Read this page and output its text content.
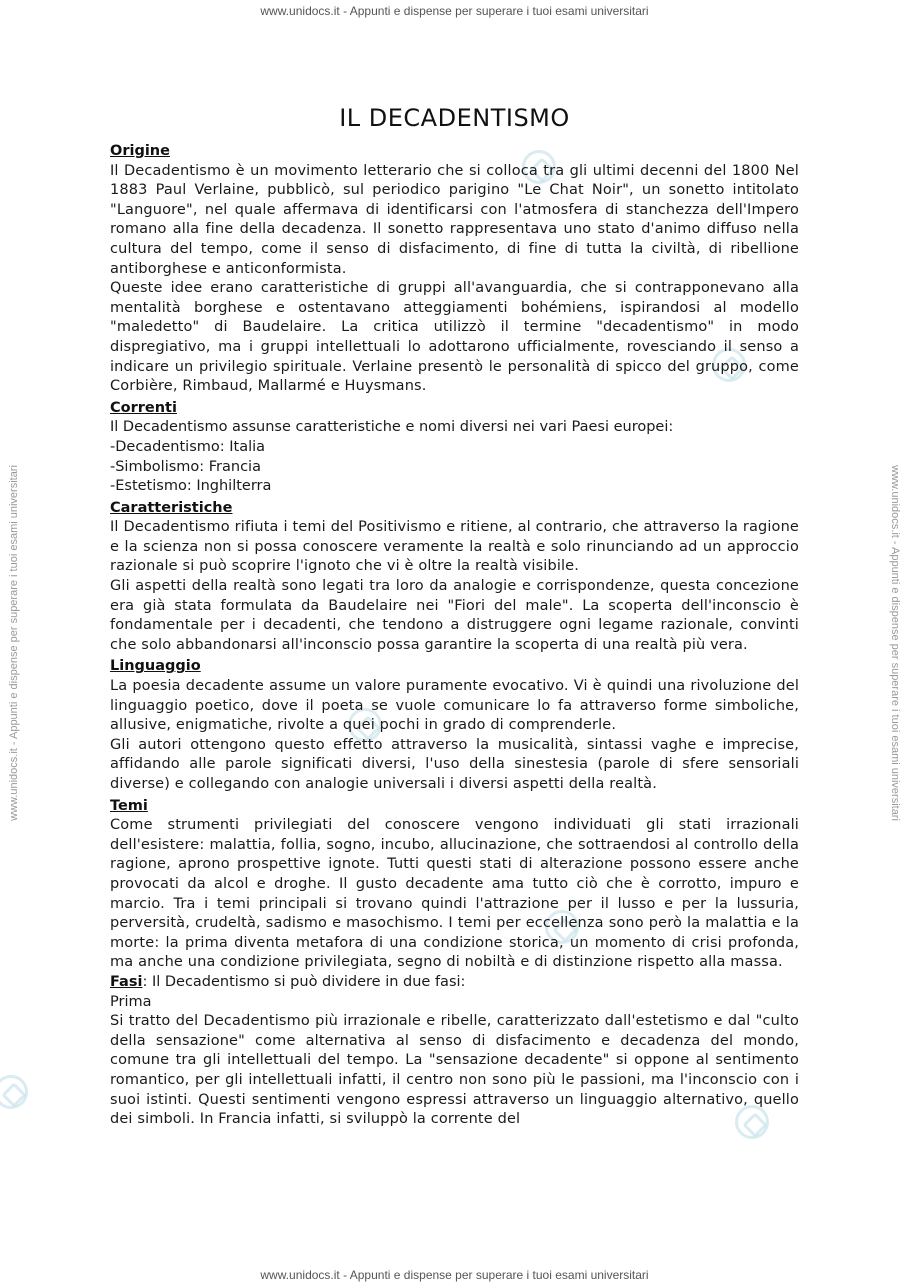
www.unidocs.it - Appunti e dispense per superare i tuoi esami universitari
www.unidocs.it - Appunti e dispense per superare i tuoi esami universitari
www.unidocs.it - Appunti e dispense per superare i tuoi esami universitari	www.unidocs.it - Appunti e dispense per superare i tuoi esami universitari
IL DECADENTISMO
Origine

Il Decadentismo è un movimento letterario che si colloca tra gli ultimi decenni del 1800 Nel 1883 Paul Verlaine, pubblicò, sul periodico parigino "Le Chat Noir", un sonetto intitolato "Languore", nel quale affermava di identificarsi con l'atmosfera di stanchezza dell'Impero romano alla fine della decadenza. Il sonetto rappresentava uno stato d'animo diffuso nella cultura del tempo, come il senso di disfacimento, di fine di tutta la civiltà, di ribellione antiborghese e anticonformista.

Queste idee erano caratteristiche di gruppi all'avanguardia, che si contrapponevano alla mentalità borghese e ostentavano atteggiamenti bohémiens, ispirandosi al modello "maledetto" di Baudelaire. La critica utilizzò il termine "decadentismo" in modo dispregiativo, ma i gruppi intellettuali lo adottarono ufficialmente, rovesciando il senso a indicare un privilegio spirituale. Verlaine presentò le personalità di spicco del gruppo, come Corbière, Rimbaud, Mallarmé e Huysmans.

Correnti

Il Decadentismo assunse caratteristiche e nomi diversi nei vari Paesi europei:

-Decadentismo: Italia

-Simbolismo: Francia

-Estetismo: Inghilterra

Caratteristiche

Il Decadentismo rifiuta i temi del Positivismo e ritiene, al contrario, che attraverso la ragione e la scienza non si possa conoscere veramente la realtà e solo rinunciando ad un approccio razionale si può scoprire l'ignoto che vi è oltre la realtà visibile.

Gli aspetti della realtà sono legati tra loro da analogie e corrispondenze, questa concezione era già stata formulata da Baudelaire nei "Fiori del male". La scoperta dell'inconscio è fondamentale per i decadenti, che tendono a distruggere ogni legame razionale, convinti che solo abbandonarsi all'inconscio possa garantire la scoperta di una realtà più vera.

Linguaggio

La poesia decadente assume un valore puramente evocativo. Vi è quindi una rivoluzione del linguaggio poetico, dove il poeta se vuole comunicare lo fa attraverso forme simboliche, allusive, enigmatiche, rivolte a quei pochi in grado di comprenderle.

Gli autori ottengono questo effetto attraverso la musicalità, sintassi vaghe e imprecise, affidando alle parole significati diversi, l'uso della sinestesia (parole di sfere sensoriali diverse) e collegando con analogie universali i diversi aspetti della realtà.

Temi

Come strumenti privilegiati del conoscere vengono individuati gli stati irrazionali dell'esistere: malattia, follia, sogno, incubo, allucinazione, che sottraendosi al controllo della ragione, aprono prospettive ignote. Tutti questi stati di alterazione possono essere anche provocati da alcol e droghe. Il gusto decadente ama tutto ciò che è corrotto, impuro e marcio. Tra i temi principali si trovano quindi l'attrazione per il lusso e per la lussuria, perversità, crudeltà, sadismo e masochismo. I temi per eccellenza sono però la malattia e la morte: la prima diventa metafora di una condizione storica, un momento di crisi profonda, ma anche una condizione privilegiata, segno di nobiltà e di distinzione rispetto alla massa.

Fasi: Il Decadentismo si può dividere in due fasi:

Prima

Si tratto del Decadentismo più irrazionale e ribelle, caratterizzato dall'estetismo e dal "culto della sensazione" come alternativa al senso di disfacimento e decadenza del mondo, comune tra gli intellettuali del tempo. La "sensazione decadente" si oppone al sentimento romantico, per gli intellettuali infatti, il centro non sono più le passioni, ma l'inconscio con i suoi istinti. Questi sentimenti vengono espressi attraverso un linguaggio alternativo, quello dei simboli. In Francia infatti, si sviluppò la corrente del
